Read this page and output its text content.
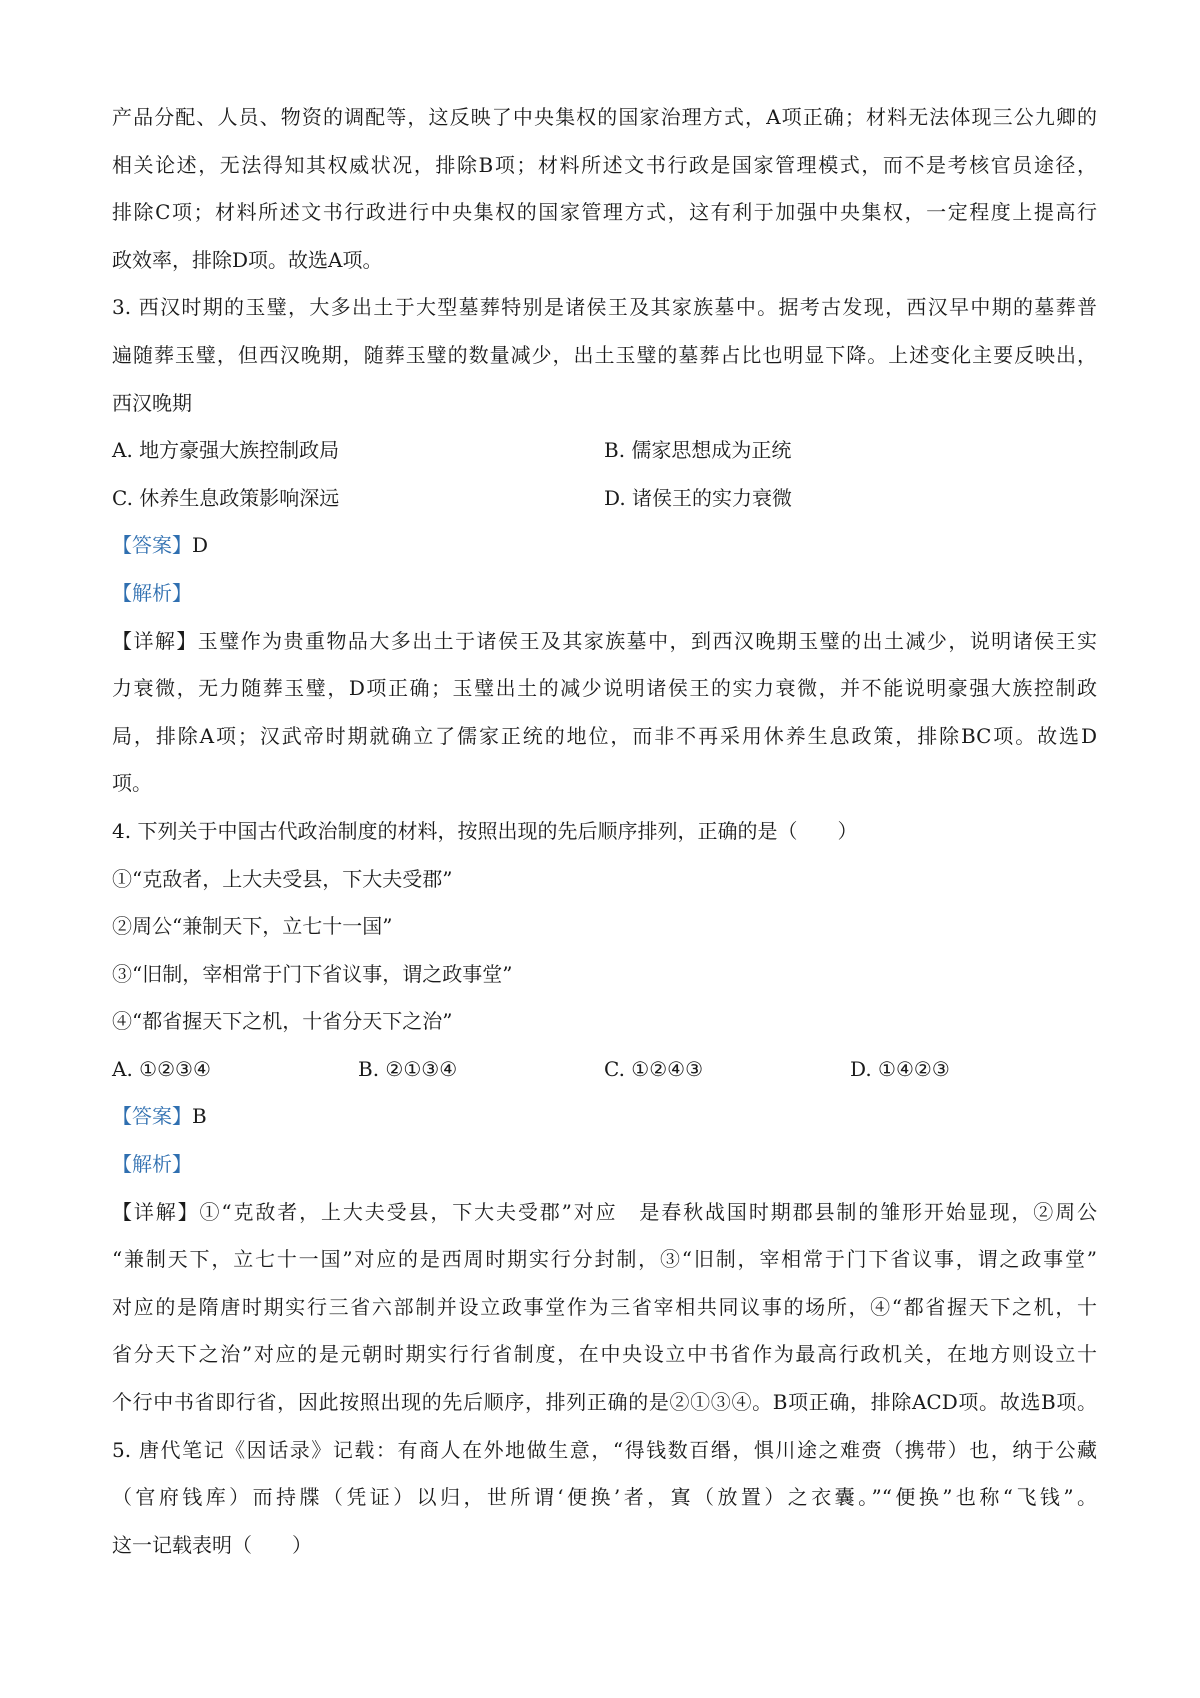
产品分配、人员、物资的调配等，这反映了中央集权的国家治理方式，A项正确；材料无法体现三公九卿的
相关论述，无法得知其权威状况，排除B项；材料所述文书行政是国家管理模式，而不是考核官员途径，
排除C项；材料所述文书行政进行中央集权的国家管理方式，这有利于加强中央集权，一定程度上提高行
政效率，排除D项。故选A项。
3. 西汉时期的玉璧，大多出土于大型墓葬特别是诸侯王及其家族墓中。据考古发现，西汉早中期的墓葬普
遍随葬玉璧，但西汉晚期，随葬玉璧的数量减少，出土玉璧的墓葬占比也明显下降。上述变化主要反映出，
西汉晚期
A. 地方豪强大族控制政局	B. 儒家思想成为正统
C. 休养生息政策影响深远	D. 诸侯王的实力衰微
【答案】D
【解析】
【详解】玉璧作为贵重物品大多出土于诸侯王及其家族墓中，到西汉晚期玉璧的出土减少，说明诸侯王实
力衰微，无力随葬玉璧，D项正确；玉璧出土的减少说明诸侯王的实力衰微，并不能说明豪强大族控制政
局，排除A项；汉武帝时期就确立了儒家正统的地位，而非不再采用休养生息政策，排除BC项。故选D
项。
4. 下列关于中国古代政治制度的材料，按照出现的先后顺序排列，正确的是（　　）
①“克敌者，上大夫受县，下大夫受郡”
②周公“兼制天下，立七十一国”
③“旧制，宰相常于门下省议事，谓之政事堂”
④“都省握天下之机，十省分天下之治”
A. ①②③④	B. ②①③④	C. ①②④③	D. ①④②③
【答案】B
【解析】
【详解】①“克敌者，上大夫受县，下大夫受郡”对应　是春秋战国时期郡县制的雏形开始显现，②周公
“兼制天下，立七十一国”对应的是西周时期实行分封制，③“旧制，宰相常于门下省议事，谓之政事堂”
对应的是隋唐时期实行三省六部制并设立政事堂作为三省宰相共同议事的场所，④“都省握天下之机，十
省分天下之治”对应的是元朝时期实行行省制度，在中央设立中书省作为最高行政机关，在地方则设立十
个行中书省即行省，因此按照出现的先后顺序，排列正确的是②①③④。B项正确，排除ACD项。故选B项。
5. 唐代笔记《因话录》记载：有商人在外地做生意，“得钱数百缗，惧川途之难赍（携带）也，纳于公藏
（官府钱库）而持牒（凭证）以归，世所谓‘便换’者，寘（放置）之衣囊。”“便换”也称“飞钱”。
这一记载表明（　　）
